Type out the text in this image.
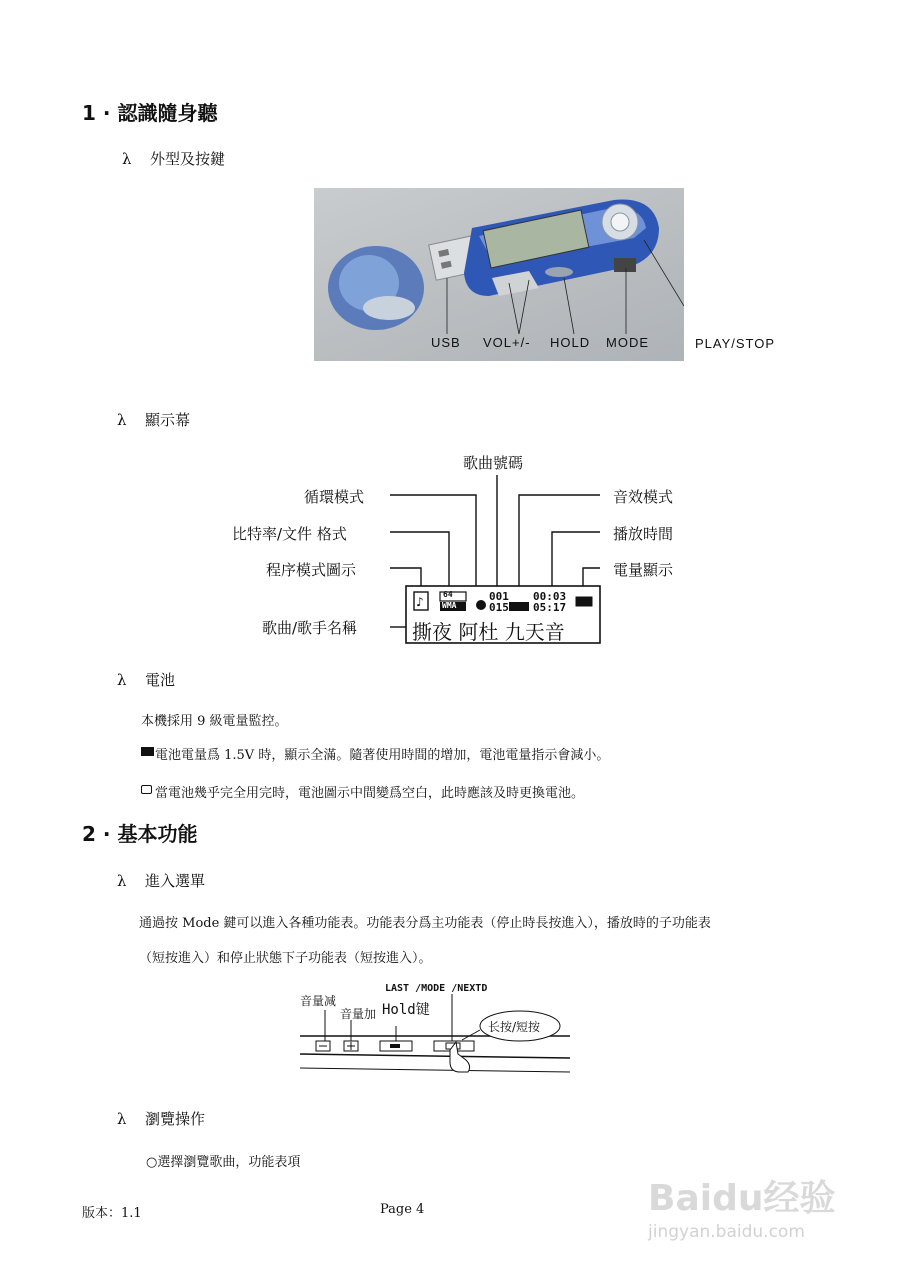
1 · 認識隨身聽
λ 外型及按鍵
USB VOL+/- HOLD MODE	PLAY/STOP
λ 顯示幕
♪
歌曲號碼
循環模式	音效模式
比特率/文件 格式	播放時間
程序模式圖示	電量顯示
歌曲/歌手名稱
64
WMA
001
015
00:03
05:17
撕夜 阿杜 九天音
λ 電池
本機採用 9 級電量監控。
電池電量爲 1.5V 時，顯示全滿。隨著使用時間的增加，電池電量指示會減小。
當電池幾乎完全用完時，電池圖示中間變爲空白，此時應該及時更換電池。
2 · 基本功能
λ 進入選單
通過按 Mode 鍵可以進入各種功能表。功能表分爲主功能表（停止時長按進入），播放時的子功能表
（短按進入）和停止狀態下子功能表（短按進入）。
LAST /MODE /NEXTD
音量减
音量加 Hold键
长按/短按
λ 瀏覽操作
○選擇瀏覽歌曲，功能表項
版本：1.1	Page 4	Baidu经验
jingyan.baidu.com
